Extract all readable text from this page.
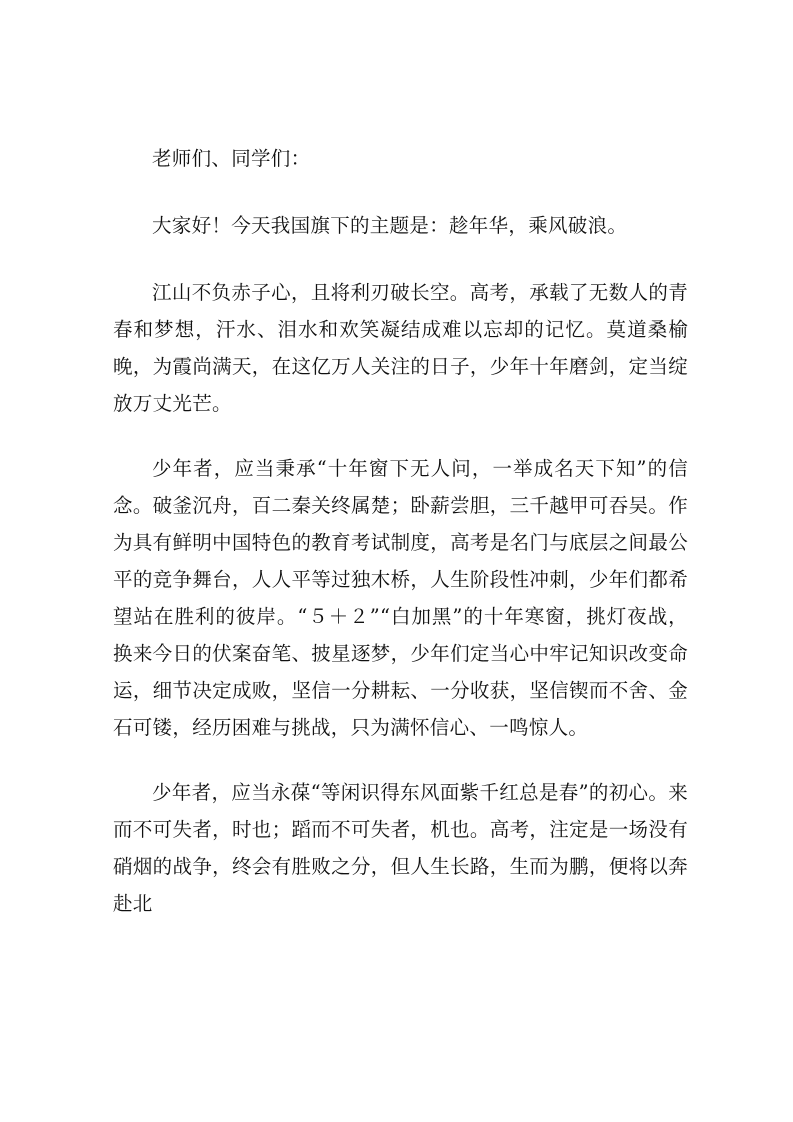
老师们、同学们：

大家好！今天我国旗下的主题是：趁年华，乘风破浪。

江山不负赤子心，且将利刃破长空。高考，承载了无数人的青春和梦想，汗水、泪水和欢笑凝结成难以忘却的记忆。莫道桑榆晚，为霞尚满天，在这亿万人关注的日子，少年十年磨剑，定当绽放万丈光芒。

少年者，应当秉承“十年窗下无人问，一举成名天下知”的信念。破釜沉舟，百二秦关终属楚；卧薪尝胆，三千越甲可吞吴。作为具有鲜明中国特色的教育考试制度，高考是名门与底层之间最公平的竞争舞台，人人平等过独木桥，人生阶段性冲刺，少年们都希望站在胜利的彼岸。“５＋２”“白加黑”的十年寒窗，挑灯夜战，换来今日的伏案奋笔、披星逐梦，少年们定当心中牢记知识改变命运，细节决定成败，坚信一分耕耘、一分收获，坚信锲而不舍、金石可镂，经历困难与挑战，只为满怀信心、一鸣惊人。

少年者，应当永葆“等闲识得东风面紫千红总是春”的初心。来而不可失者，时也；蹈而不可失者，机也。高考，注定是一场没有硝烟的战争，终会有胜败之分，但人生长路，生而为鹏，便将以奔赴北
